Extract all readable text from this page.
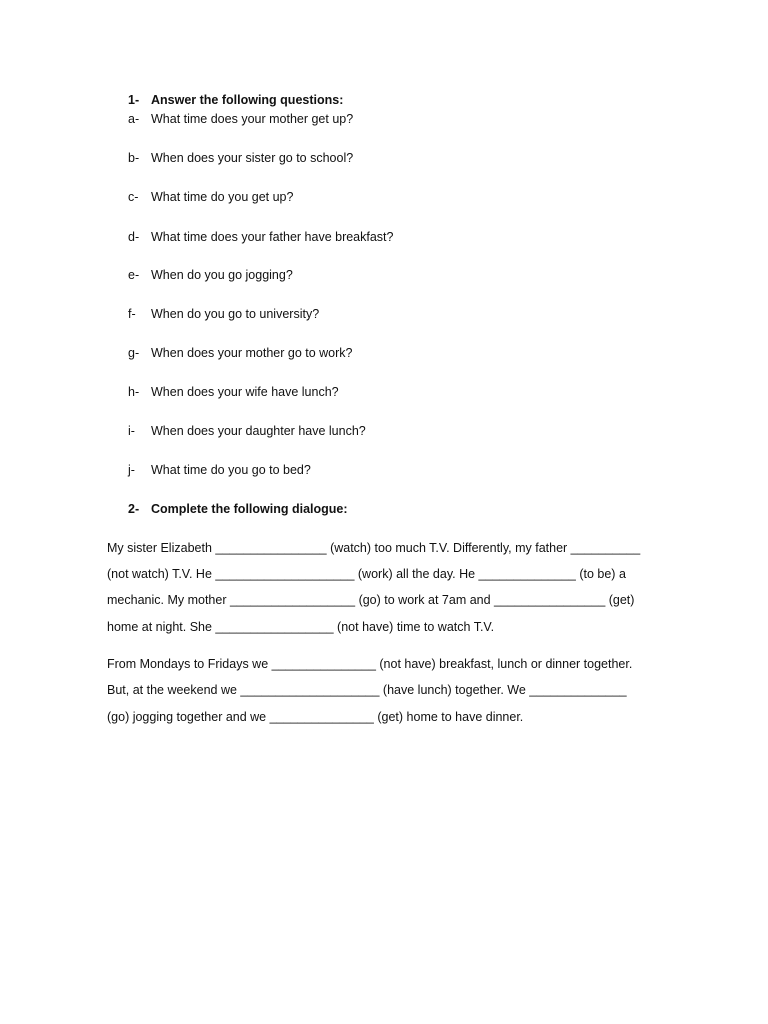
1- Answer the following questions:
a- What time does your mother get up?
b- When does your sister go to school?
c- What time do you get up?
d- What time does your father have breakfast?
e- When do you go jogging?
f- When do you go to university?
g- When does your mother go to work?
h- When does your wife have lunch?
i- When does your daughter have lunch?
j- What time do you go to bed?
2- Complete the following dialogue:
My sister Elizabeth ________________ (watch) too much T.V. Differently, my father __________
(not watch) T.V. He ____________________ (work) all the day. He ______________ (to be) a
mechanic. My mother __________________ (go) to work at 7am and ________________ (get)
home at night. She _________________ (not have) time to watch T.V.
From Mondays to Fridays we _______________ (not have) breakfast, lunch or dinner together.
But, at the weekend we ____________________ (have lunch) together. We ______________
(go) jogging together and we _______________ (get) home to have dinner.
